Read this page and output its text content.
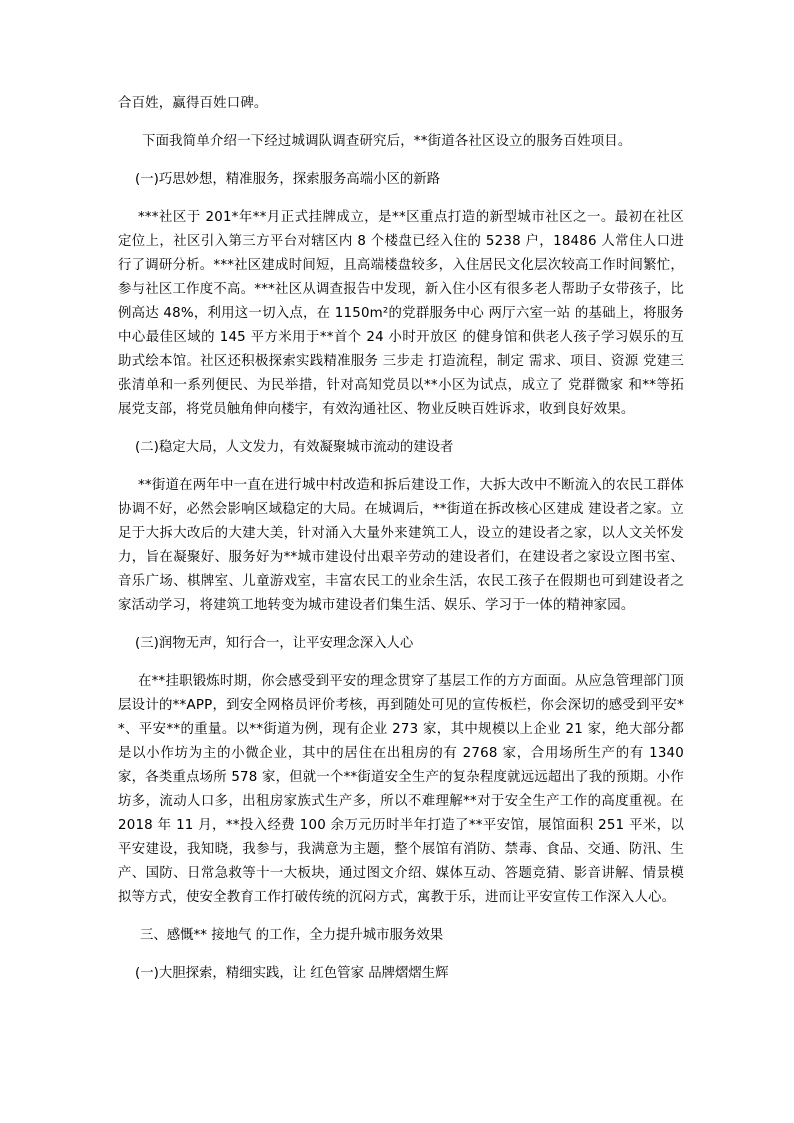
合百姓，赢得百姓口碑。

下面我简单介绍一下经过城调队调查研究后，**街道各社区设立的服务百姓项目。

(一)巧思妙想，精准服务，探索服务高端小区的新路

***社区于 201*年**月正式挂牌成立，是**区重点打造的新型城市社区之一。最初在社区定位上，社区引入第三方平台对辖区内 8 个楼盘已经入住的 5238 户，18486 人常住人口进行了调研分析。***社区建成时间短，且高端楼盘较多，入住居民文化层次较高工作时间繁忙，参与社区工作度不高。***社区从调查报告中发现，新入住小区有很多老人帮助子女带孩子，比例高达 48%，利用这一切入点，在 1150m²的党群服务中心 两厅六室一站 的基础上，将服务中心最佳区域的 145 平方米用于**首个 24 小时开放区 的健身馆和供老人孩子学习娱乐的互助式绘本馆。社区还积极探索实践精准服务 三步走 打造流程，制定 需求、项目、资源 党建三张清单和一系列便民、为民举措，针对高知党员以**小区为试点，成立了 党群微家 和**等拓展党支部，将党员触角伸向楼宇，有效沟通社区、物业反映百姓诉求，收到良好效果。

(二)稳定大局，人文发力，有效凝聚城市流动的建设者

**街道在两年中一直在进行城中村改造和拆后建设工作，大拆大改中不断流入的农民工群体协调不好，必然会影响区域稳定的大局。在城调后，**街道在拆改核心区建成 建设者之家。立足于大拆大改后的大建大美，针对涌入大量外来建筑工人，设立的建设者之家，以人文关怀发力，旨在凝聚好、服务好为**城市建设付出艰辛劳动的建设者们，在建设者之家设立图书室、音乐广场、棋牌室、儿童游戏室，丰富农民工的业余生活，农民工孩子在假期也可到建设者之家活动学习，将建筑工地转变为城市建设者们集生活、娱乐、学习于一体的精神家园。

(三)润物无声，知行合一，让平安理念深入人心

在**挂职锻炼时期，你会感受到平安的理念贯穿了基层工作的方方面面。从应急管理部门顶层设计的**APP，到安全网格员评价考核，再到随处可见的宣传板栏，你会深切的感受到平安**、平安**的重量。以**街道为例，现有企业 273 家，其中规模以上企业 21 家，绝大部分都是以小作坊为主的小微企业，其中的居住在出租房的有 2768 家，合用场所生产的有 1340 家，各类重点场所 578 家，但就一个**街道安全生产的复杂程度就远远超出了我的预期。小作坊多，流动人口多，出租房家族式生产多，所以不难理解**对于安全生产工作的高度重视。在 2018 年 11 月，**投入经费 100 余万元历时半年打造了**平安馆，展馆面积 251 平米，以平安建设，我知晓，我参与，我满意为主题，整个展馆有消防、禁毒、食品、交通、防汛、生产、国防、日常急救等十一大板块，通过图文介绍、媒体互动、答题竞猜、影音讲解、情景模拟等方式，使安全教育工作打破传统的沉闷方式，寓教于乐，进而让平安宣传工作深入人心。

三、感慨** 接地气 的工作，全力提升城市服务效果

(一)大胆探索，精细实践，让 红色管家 品牌熠熠生辉
